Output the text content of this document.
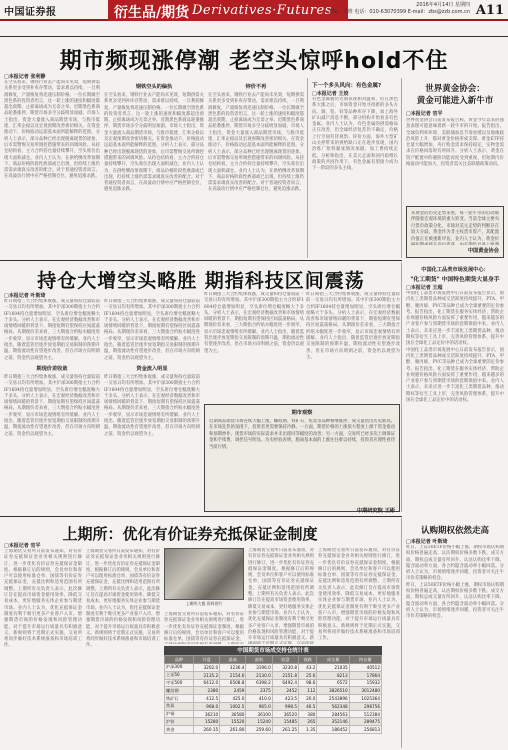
中国证券报	衍生品/期货 Derivatives·Futures	2016年4月14日 星期四
责编：王维 电话：010-63070399 E-mail：zbs@zzb.com.cn A11
期市频现涨停潮 老空头惊呼hold不住
□本报记者 张利静
在空头看来，钢铁行业去产能尚未见效，短期供需关系更多受到补库存带动，需求难以持续，一旦利润修复，产量恢复将迅速压制价格。一位长期做空黑色系的投资者坦言，这一轮上涨的速度和幅度都超出预期，止损离场成为无奈之举。近期黑色系商品轮番涨停，期货市场多空分歧明显加剧。市场人士指出，资金大量流入商品期货市场，与股市低迷、汇率企稳以及宏观预期改善密切相关。在资金推动下，价格波动远超基本面所能解释的范围。分析人士表示，部分品种已经出现脱离现货的迹象，后市需警惕交易所调控措施带来的回调风险。从持仓结构看，主力合约持仓量持续攀升，空头席位出现大面积减仓。业内人士认为，在供给侧改革预期下，商品价格阶段性底部或已出现，但持续上涨仍需需求端真实改善的配合。对于普通投资者而言，在高波动行情中应严格控制仓位，避免追涨杀跌。
钢铁空头的偏执
在空头看来，钢铁行业去产能尚未见效，短期供需关系更多受到补库存带动，需求难以持续，一旦利润修复，产量恢复将迅速压制价格。一位长期做空黑色系的投资者坦言，这一轮上涨的速度和幅度都超出预期，止损离场成为无奈之举。近期黑色系商品轮番涨停，期货市场多空分歧明显加剧。市场人士指出，资金大量流入商品期货市场，与股市低迷、汇率企稳以及宏观预期改善密切相关。在资金推动下，价格波动远超基本面所能解释的范围。分析人士表示，部分品种已经出现脱离现货的迹象，后市需警惕交易所调控措施带来的回调风险。从持仓结构看，主力合约持仓量持续攀升，空头席位出现大面积减仓。业内人士认为，在供给侧改革预期下，商品价格阶段性底部或已出现，但持续上涨仍需需求端真实改善的配合。对于普通投资者而言，在高波动行情中应严格控制仓位，避免追涨杀跌。
锌价不再
在空头看来，钢铁行业去产能尚未见效，短期供需关系更多受到补库存带动，需求难以持续，一旦利润修复，产量恢复将迅速压制价格。一位长期做空黑色系的投资者坦言，这一轮上涨的速度和幅度都超出预期，止损离场成为无奈之举。近期黑色系商品轮番涨停，期货市场多空分歧明显加剧。市场人士指出，资金大量流入商品期货市场，与股市低迷、汇率企稳以及宏观预期改善密切相关。在资金推动下，价格波动远超基本面所能解释的范围。分析人士表示，部分品种已经出现脱离现货的迹象，后市需警惕交易所调控措施带来的回调风险。从持仓结构看，主力合约持仓量持续攀升，空头席位出现大面积减仓。业内人士认为，在供给侧改革预期下，商品价格阶段性底部或已出现，但持续上涨仍需需求端真实改善的配合。对于普通投资者而言，在高波动行情中应严格控制仓位，避免追涨杀跌。
下一个多头风向：有色金属?
□本报记者 王姣
有色金属板块近期表现相对温和，但在黑色系大涨之后，市场资金开始寻找新的多头方向。铜、铝、锌等品种库存下降，加上海外矿山减产消息不断，部分机构开始看多有色金属。业内人士认为，有色金属的供需格局正在改善，但全球经济复苏仍不确定，价格上行空间有待观察。锌价方面，海外大型矿山关停带来的供给缺口正在逐步显现，国内冶炼厂原料紧张情况加剧，加工费持续走低。分析师指出，在美元走弱和国内稳增长政策的共同作用下，有色金属有望接力成为下一阶段的多头主线。
世界黄金协会：
黄金可能进入新牛市
□本报记者 官平
世界黄金协会日前发布报告称，黄金今年以来的强劲表现可能意味着新一轮牛市的开始。报告指出，全球负利率环境、美联储加息节奏放缓以及地缘政治风险上升，都对黄金价格形成支撑。黄金ETF持仓量大幅增加，央行购金需求保持稳定，实物金需求在价格回落时有所回升。分析人士表示，黄金在资产配置中的避险功能再度受到重视，但短期内价格波动可能加大，投资者需关注美联储政策动向。
从黄金的历史走势来看，每一轮牛市的启动都伴随着宏观环境的重大转变。当前全球主要央行货币政策分化，市场对美元走势的判断存在较大分歧，黄金作为非主权货币资产，其配置价值正在被重新评估。业内人士认为，黄金价
中国黄金协会
持仓大增空头略胜 期指科技区间震荡
□本报记者 叶斯琦
昨日期指三大合约集体收涨，成交量和持仓量较前一交易日均有所增加。其中沪深300期指主力合约IF1604持仓量增加明显，空头席位增仓幅度略大于多头。分析人士表示，在宏观经济数据改善和市场情绪回暖的背景下，期指短期有望保持区间震荡格局。从期现价差来看，三大期指合约贴水幅度进一步收窄，显示市场悲观情绪有所缓解。业内人士指出，随着监管层逐步放宽期指交易限制的预期升温，期指流动性有望逐步改善，但在市场方向明朗之前，资金仍以观望为主。
期现价差收敛
昨日期指三大合约集体收涨，成交量和持仓量较前一交易日均有所增加。其中沪深300期指主力合约IF1604持仓量增加明显，空头席位增仓幅度略大于多头。分析人士表示，在宏观经济数据改善和市场情绪回暖的背景下，期指短期有望保持区间震荡格局。从期现价差来看，三大期指合约贴水幅度进一步收窄，显示市场悲观情绪有所缓解。业内人士指出，随着监管层逐步放宽期指交易限制的预期升温，期指流动性有望逐步改善，但在市场方向明朗之前，资金仍以观望为主。
昨日期指三大合约集体收涨，成交量和持仓量较前一交易日均有所增加。其中沪深300期指主力合约IF1604持仓量增加明显，空头席位增仓幅度略大于多头。分析人士表示，在宏观经济数据改善和市场情绪回暖的背景下，期指短期有望保持区间震荡格局。从期现价差来看，三大期指合约贴水幅度进一步收窄，显示市场悲观情绪有所缓解。业内人士指出，随着监管层逐步放宽期指交易限制的预期升温，期指流动性有望逐步改善，但在市场方向明朗之前，资金仍以观望为主。
资金流入明显
昨日期指三大合约集体收涨，成交量和持仓量较前一交易日均有所增加。其中沪深300期指主力合约IF1604持仓量增加明显，空头席位增仓幅度略大于多头。分析人士表示，在宏观经济数据改善和市场情绪回暖的背景下，期指短期有望保持区间震荡格局。从期现价差来看，三大期指合约贴水幅度进一步收窄，显示市场悲观情绪有所缓解。业内人士指出，随着监管层逐步放宽期指交易限制的预期升温，期指流动性有望逐步改善，但在市场方向明朗之前，资金仍以观望为主。
昨日期指三大合约集体收涨，成交量和持仓量较前一交易日均有所增加。其中沪深300期指主力合约IF1604持仓量增加明显，空头席位增仓幅度略大于多头。分析人士表示，在宏观经济数据改善和市场情绪回暖的背景下，期指短期有望保持区间震荡格局。从期现价差来看，三大期指合约贴水幅度进一步收窄，显示市场悲观情绪有所缓解。业内人士指出，随着监管层逐步放宽期指交易限制的预期升温，期指流动性有望逐步改善，但在市场方向明朗之前，资金仍以观望为主。
昨日期指三大合约集体收涨，成交量和持仓量较前一交易日均有所增加。其中沪深300期指主力合约IF1604持仓量增加明显，空头席位增仓幅度略大于多头。分析人士表示，在宏观经济数据改善和市场情绪回暖的背景下，期指短期有望保持区间震荡格局。从期现价差来看，三大期指合约贴水幅度进一步收窄，显示市场悲观情绪有所缓解。业内人士指出，随着监管层逐步放宽期指交易限制的预期升温，期指流动性有望逐步改善，但在市场方向明朗之前，资金仍以观望为主。
期市观察
近期商品期货市场连续大幅上涨，螺纹钢、铁矿石、焦炭等品种相继涨停，成交量创出历史新高。在市场狂热的氛围下，投资者更需要保持冷静。一方面，期货价格的上涨很大程度上源于资金推动和预期炒作，现货市场的实际需求并未出现同等幅度的改善；另一方面，交易所已经多次上调保证金和手续费，调控信号明显。历史经验表明，脱离基本面的上涨往往难以持续，投资者应理性看待当前行情。
中期研究院 王彬
中国化工品类市场发展中心：
"化工期货" 中国特色期货大显身手
□本报记者 王超
中国化工品类市场发展中心日前发布报告显示，国内化工类期货品种成交活跃度持续提升，PTA、甲醇、聚丙烯、PVC等品种已成为全球重要的定价参考。报告指出，化工期货在服务实体经济、帮助企业规避价格风险方面发挥了重要作用，越来越多的产业客户参与到期货市场的套期保值中来。业内人士表示，未来应进一步丰富化工类期货品种，推动期权等衍生工具上市，完善风险管理体系，提升中国在全球化工品定价中的话语权。
中国化工品类市场发展中心日前发布报告显示，国内化工类期货品种成交活跃度持续提升，PTA、甲醇、聚丙烯、PVC等品种已成为全球重要的定价参考。报告指出，化工期货在服务实体经济、帮助企业规避价格风险方面发挥了重要作用，越来越多的产业客户参与到期货市场的套期保值中来。业内人士表示，未来应进一步丰富化工类期货品种，推动期权等衍生工具上市，完善风险管理体系，提升中国在全球化工品定价中的话语权。
上期所：优化有价证券充抵保证金制度
□本报记者 官平
上海期货交易所日前发布通知，对有价证券充抵保证金业务相关规则进行修订，进一步优化有价证券充抵保证金制度。根据修订后的规则，会员单位和客户可以使用标准仓单、国债等有价证券充抵保证金，充抵比例和适用范围有所调整。上期所有关负责人表示，此次修订旨在提高市场资金使用效率，降低交易成本，更好地服务实体企业参与期货市场。业内人士认为，优化充抵保证金制度有利于吸引更多产业客户入市，增强期货市场的价格发现和风险管理功能，对于提升市场运行质量具有积极意义。新规则将于近期正式实施，交易所将同步做好技术系统准备和市场培训工作。
上海期货交易所日前发布通知，对有价证券充抵保证金业务相关规则进行修订，进一步优化有价证券充抵保证金制度。根据修订后的规则，会员单位和客户可以使用标准仓单、国债等有价证券充抵保证金，充抵比例和适用范围有所调整。上期所有关负责人表示，此次修订旨在提高市场资金使用效率，降低交易成本，更好地服务实体企业参与期货市场。业内人士认为，优化充抵保证金制度有利于吸引更多产业客户入市，增强期货市场的价格发现和风险管理功能，对于提升市场运行质量具有积极意义。新规则将于近期正式实施，交易所将同步做好技术系统准备和市场培训工作。
上期所大楼 资料图片
上海期货交易所日前发布通知，对有价证券充抵保证金业务相关规则进行修订，进一步优化有价证券充抵保证金制度。根据修订后的规则，会员单位和客户可以使用标准仓单、国债等有价证券充抵保证金，
上海期货交易所日前发布通知，对有价证券充抵保证金业务相关规则进行修订，进一步优化有价证券充抵保证金制度。根据修订后的规则，会员单位和客户可以使用标准仓单、国债等有价证券充抵保证金，充抵比例和适用范围有所调整。上期所有关负责人表示，此次修订旨在提高市场资金使用效率，降低交易成本，更好地服务实体企业参与期货市场。业内人士认为，优化充抵保证金制度有利于吸引更多产业客户入市，增强期货市场的价格发现和风险管理功能，对于提升市场运行质量具有积极意义。新
上海期货交易所日前发布通知，对有价证券充抵保证金业务相关规则进行修订，进一步优化有价证券充抵保证金制度。根据修订后的规则，会员单位和客户可以使用标准仓单、国债等有价证券充抵保证金，充抵比例和适用范围有所调整。上期所有关负责人表示，此次修订旨在提高市场资金使用效率，降低交易成本，更好地服务实体企业参与期货市场。业内人士认为，优化充抵保证金制度有利于吸引更多产业客户入市，增强期货市场的价格发现和风险管理功能，对于提升市场运行质量具有积极意义。新规则将于近期正式实施，交易所将同步做好技术系统准备和市场培训工作。
中国期货市场成交持仓统计表
品种	开盘	最高	最低	收盘	涨跌	成交量	持仓量
沪深300	3202.0	3236.4	3196.0	3230.8	43.2	21035	40512
上证50	2135.2	2154.6	2130.0	2151.8	25.6	8213	17864
中证500	6412.0	6508.8	6398.2	6492.4	98.6	6572	15932
螺纹钢	2380	2459	2375	2452	112	3826510	3012480
铁矿石	412.5	425.0	410.0	423.5	20.0	2543896	1025364
焦炭	968.0	1002.5	965.0	998.5	46.5	562348	298756
沪铜	36210	36580	36100	36520	380	284563	512384
沪锌	15280	15520	15240	15485	265	352146	289475
黄金	260.15	261.80	259.60	261.25	1.35	186452	256813
认购期权依然走高
□本报记者 叶斯琦
昨日，上证50ETF价格小幅上涨，期权市场认购期权价格普遍走高，认沽期权价格多数下跌。成交方面，期权总成交量有所回升，认沽认购比率下降。隐含波动率方面，各合约隐含波动率小幅回落。分析人士认为，市场情绪逐步回暖，投资者可关注牛市价差策略的机会。
昨日，上证50ETF价格小幅上涨，期权市场认购期权价格普遍走高，认沽期权价格多数下跌。成交方面，期权总成交量有所回升，认沽认购比率下降。隐含波动率方面，各合约隐含波动率小幅回落。分析人士认为，市场情绪逐步回暖，投资者可关注牛市价差策略的机会。
